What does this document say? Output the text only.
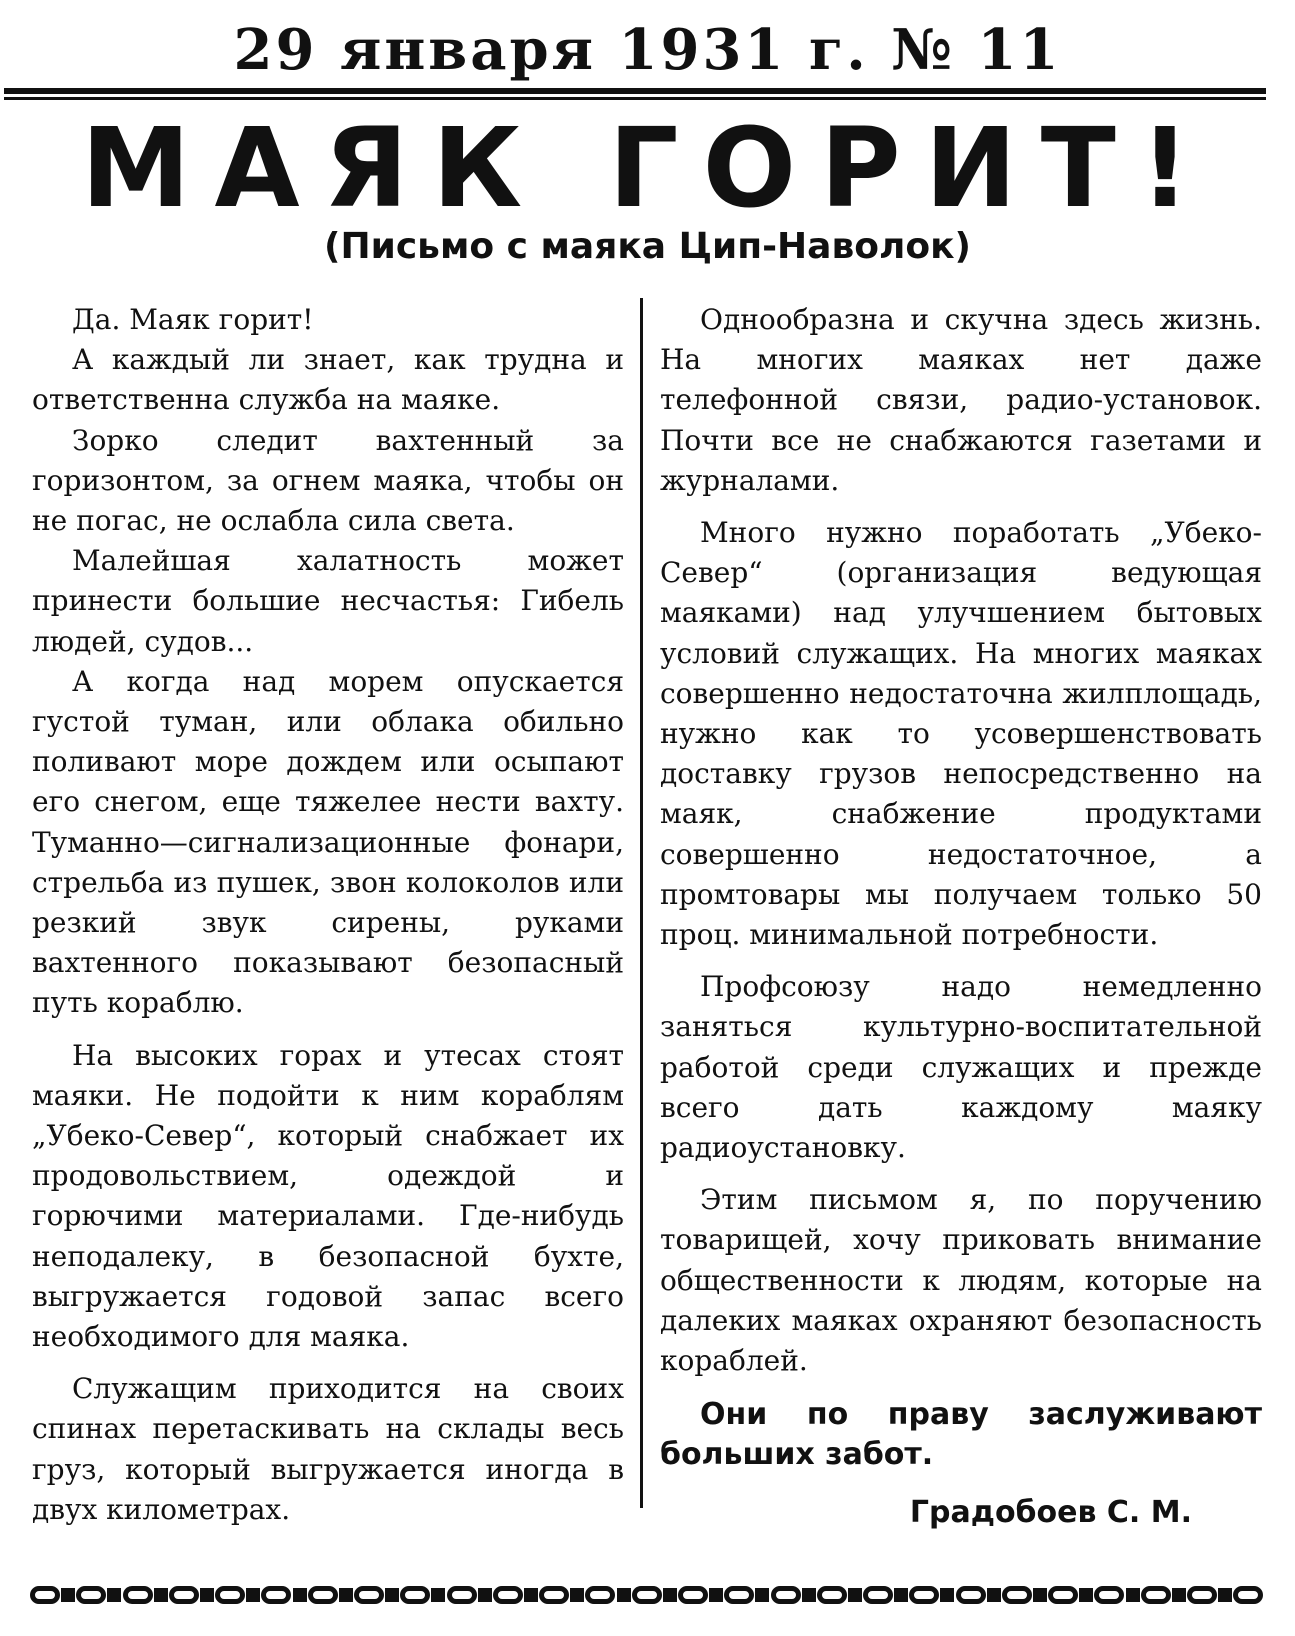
29 января 1931 г. № 11
МАЯК ГОРИТ!
(Письмо с маяка Цип-Наволок)

Да. Маяк горит!

А каждый ли знает, как трудна и ответственна служба на маяке.

Зорко следит вахтенный за горизонтом, за огнем маяка, чтобы он не погас, не ослабла сила света.

Малейшая халатность может принести большие несчастья: Гибель людей, судов...

А когда над морем опускается густой туман, или облака обильно поливают море дождем или осыпают его снегом, еще тяжелее нести вахту. Туманно—сигнализационные фонари, стрельба из пушек, звон колоколов или резкий звук сирены, руками вахтенного показывают безопасный путь кораблю.

На высоких горах и утесах стоят маяки. Не подойти к ним кораблям „Убеко-Север“, который снабжает их продовольствием, одеждой и горючими материалами. Где-нибудь неподалеку, в безопасной бухте, выгружается годовой запас всего необходимого для маяка.

Служащим приходится на своих спинах перетаскивать на склады весь груз, который выгружается иногда в двух километрах.

Однообразна и скучна здесь жизнь. На многих маяках нет даже телефонной связи, радио-установок. Почти все не снабжаются газетами и журналами.

Много нужно поработать „Убеко-Север“ (организация ведующая маяками) над улучшением бытовых условий служащих. На многих маяках совершенно недостаточна жилплощадь, нужно как то усовершенствовать доставку грузов непосредственно на маяк, снабжение продуктами совершенно недостаточное, а промтовары мы получаем только 50 проц. минимальной потребности.

Профсоюзу надо немедленно заняться культурно-воспитательной работой среди служащих и прежде всего дать каждому маяку радиоустановку.

Этим письмом я, по поручению товарищей, хочу приковать внимание общественности к людям, которые на далеких маяках охраняют безопасность кораблей.

Они по праву заслуживают больших забот.

Градобоев С. М.
